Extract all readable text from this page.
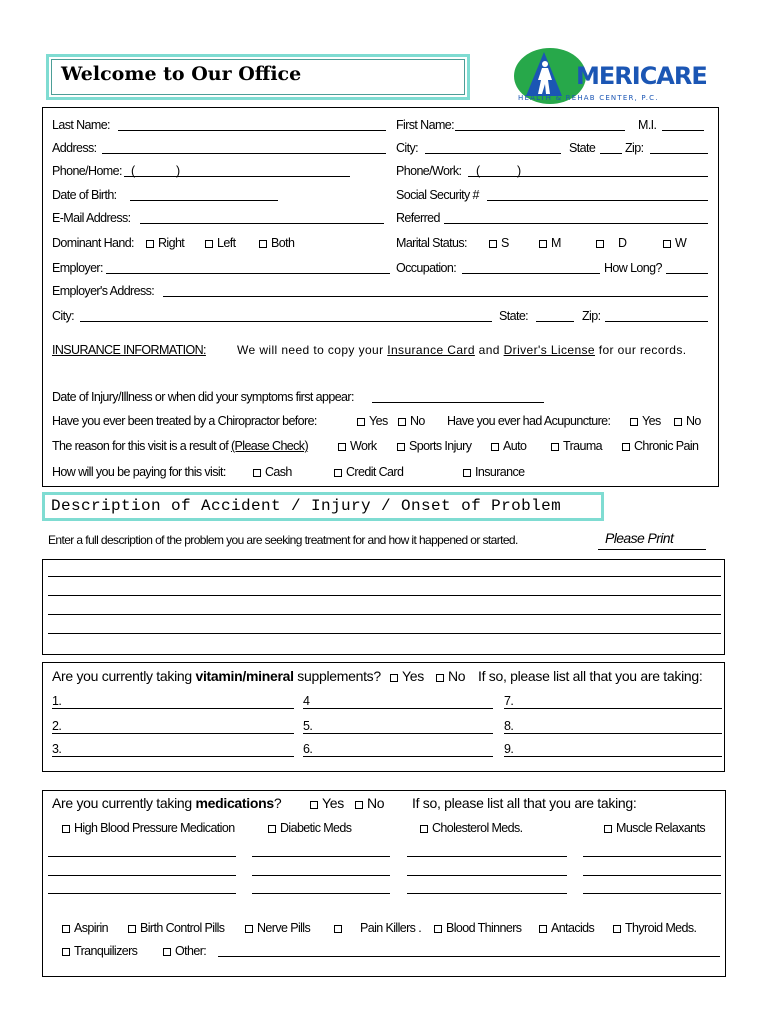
Welcome to Our Office	MERICARE
HEALTH & REHAB CENTER, P.C.
Last Name:	First Name:	M.I.
Address:	City:	State Zip:
Phone/Home: (	)	Phone/Work: (	)
Date of Birth:	Social Security #
E-Mail Address:	Referred
Dominant Hand:	Right	Left	Both	Marital Status:	S	M	D	W
Employer:	Occupation:	How Long?
Employer's Address:
City:	State:	Zip:
INSURANCE INFORMATION:	We will need to copy your Insurance Card and Driver's License for our records.
Date of Injury/Illness or when did your symptoms first appear:
Have you ever been treated by a Chiropractor before:	Yes	No Have you ever had Acupuncture:	Yes	No
The reason for this visit is a result of (Please Check)	Work	Sports Injury	Auto	Trauma	Chronic Pain
How will you be paying for this visit:	Cash	Credit Card	Insurance
Description of Accident / Injury / Onset of Problem
Enter a full description of the problem you are seeking treatment for and how it happened or started.	Please Print
Are you currently taking vitamin/mineral supplements?	Yes	No If so, please list all that you are taking:
1.	4	7.
2.	5.	8.
3.	6.	9.
Are you currently taking medications?	Yes	No If so, please list all that you are taking:
High Blood Pressure Medication	Diabetic Meds	Cholesterol Meds.	Muscle Relaxants
Aspirin	Birth Control Pills	Nerve Pills	Pain Killers .	Blood Thinners	Antacids	Thyroid Meds.
Tranquilizers	Other:
